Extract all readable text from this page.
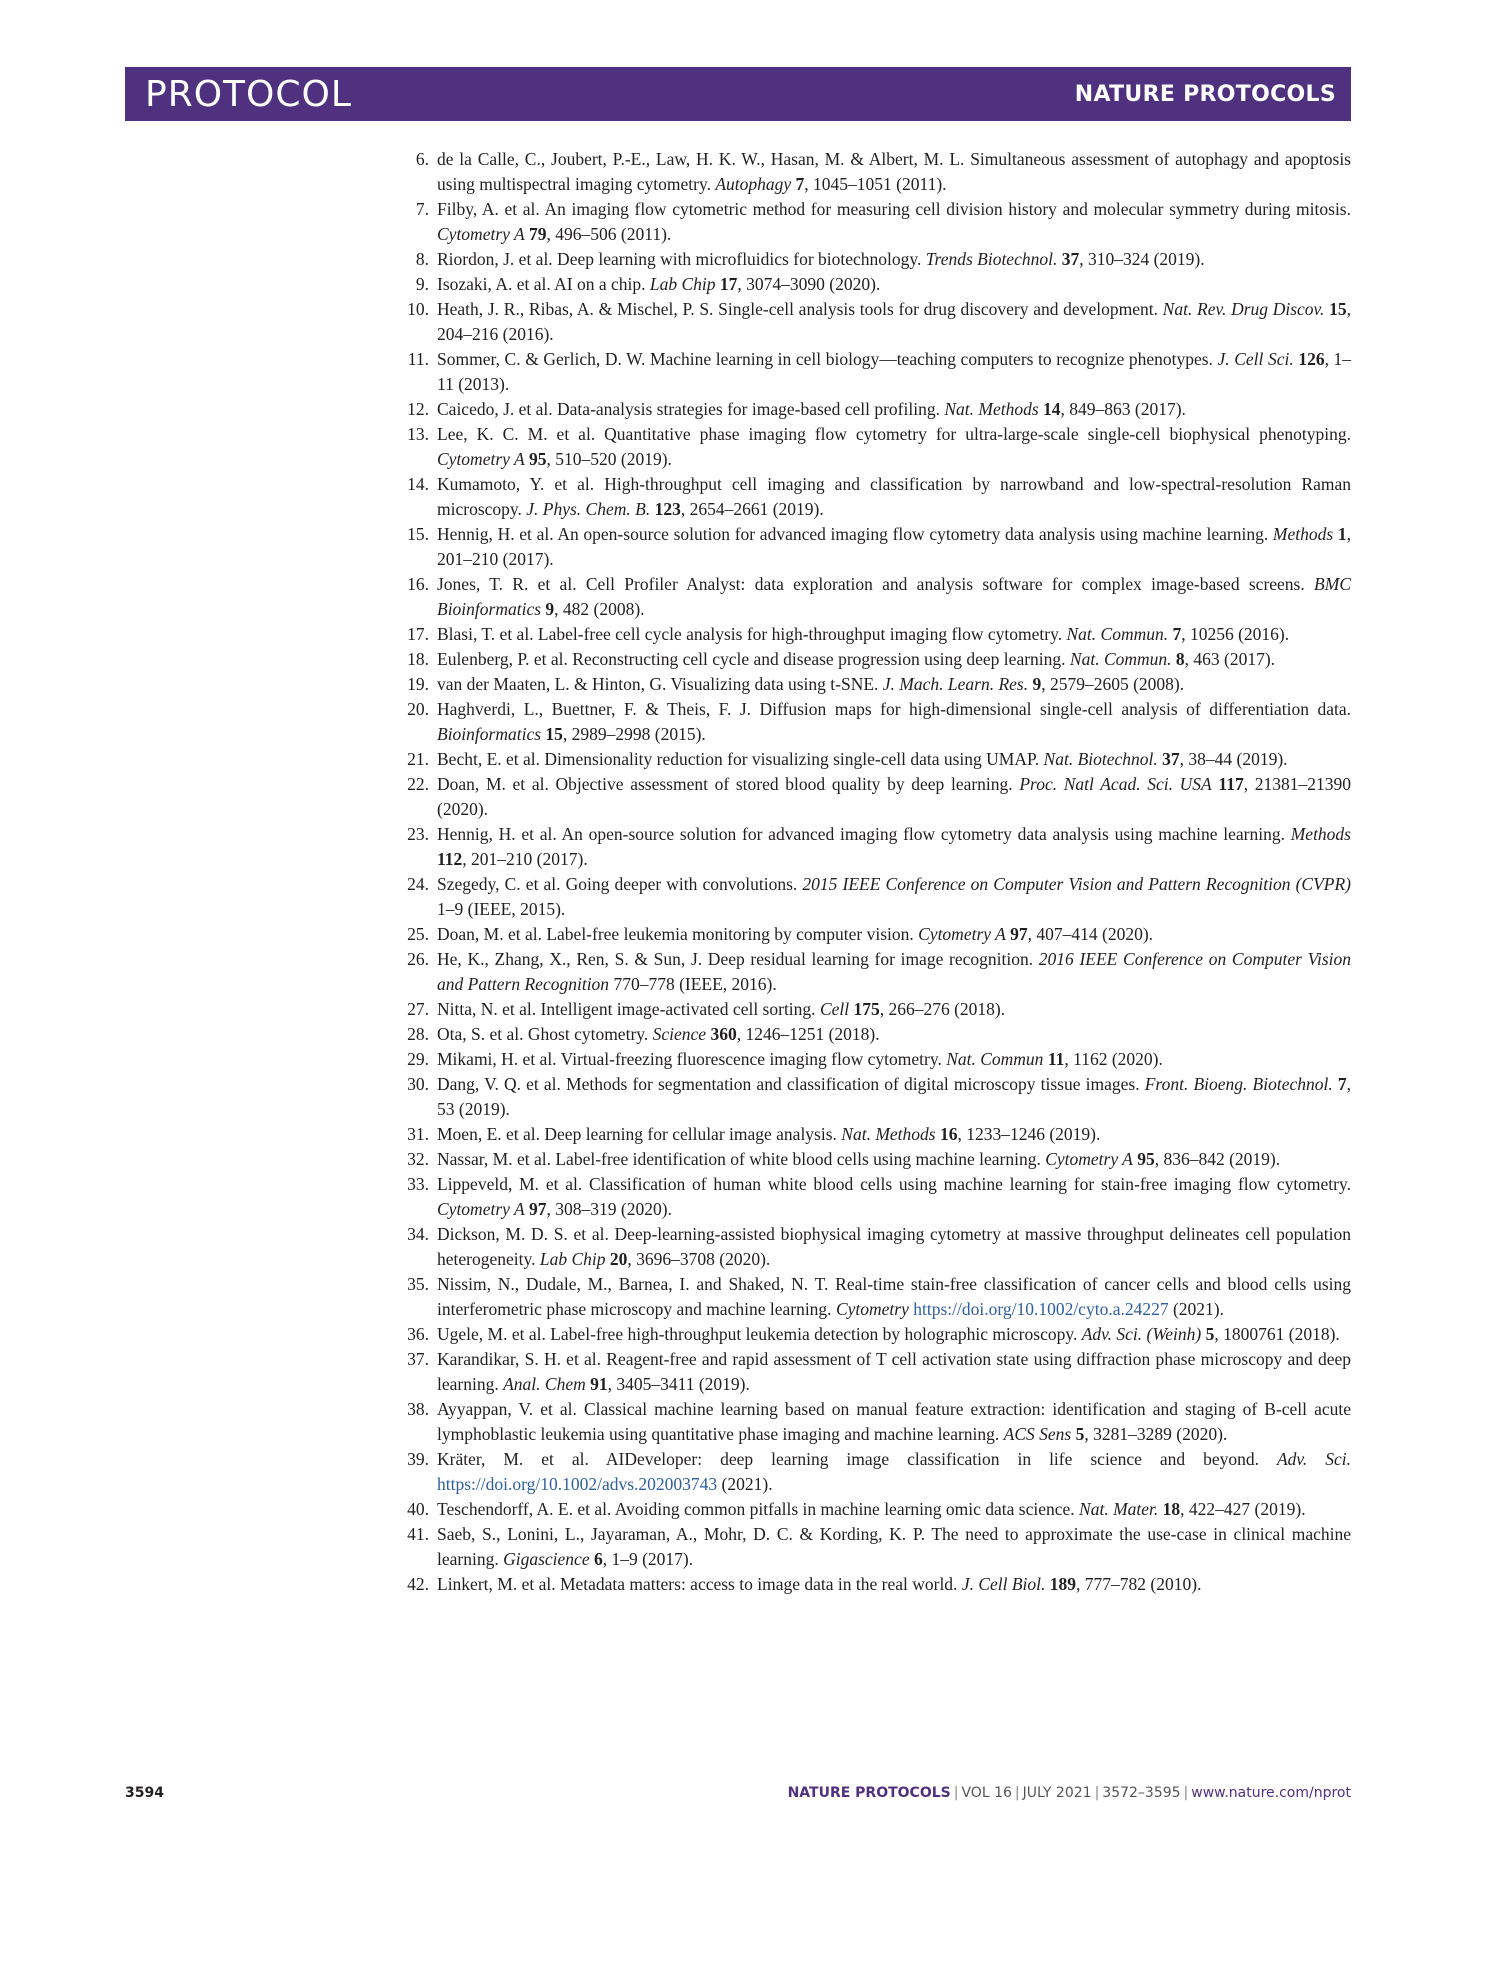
PROTOCOL	NATURE PROTOCOLS
6. de la Calle, C., Joubert, P.-E., Law, H. K. W., Hasan, M. & Albert, M. L. Simultaneous assessment of autophagy and apoptosis using multispectral imaging cytometry. Autophagy 7, 1045–1051 (2011).
7. Filby, A. et al. An imaging flow cytometric method for measuring cell division history and molecular symmetry during mitosis. Cytometry A 79, 496–506 (2011).
8. Riordon, J. et al. Deep learning with microfluidics for biotechnology. Trends Biotechnol. 37, 310–324 (2019).
9. Isozaki, A. et al. AI on a chip. Lab Chip 17, 3074–3090 (2020).
10. Heath, J. R., Ribas, A. & Mischel, P. S. Single-cell analysis tools for drug discovery and development. Nat. Rev. Drug Discov. 15, 204–216 (2016).
11. Sommer, C. & Gerlich, D. W. Machine learning in cell biology—teaching computers to recognize phenotypes. J. Cell Sci. 126, 1–11 (2013).
12. Caicedo, J. et al. Data-analysis strategies for image-based cell profiling. Nat. Methods 14, 849–863 (2017).
13. Lee, K. C. M. et al. Quantitative phase imaging flow cytometry for ultra-large-scale single-cell biophysical phenotyping. Cytometry A 95, 510–520 (2019).
14. Kumamoto, Y. et al. High-throughput cell imaging and classification by narrowband and low-spectral-resolution Raman microscopy. J. Phys. Chem. B. 123, 2654–2661 (2019).
15. Hennig, H. et al. An open-source solution for advanced imaging flow cytometry data analysis using machine learning. Methods 1, 201–210 (2017).
16. Jones, T. R. et al. Cell Profiler Analyst: data exploration and analysis software for complex image-based screens. BMC Bioinformatics 9, 482 (2008).
17. Blasi, T. et al. Label-free cell cycle analysis for high-throughput imaging flow cytometry. Nat. Commun. 7, 10256 (2016).
18. Eulenberg, P. et al. Reconstructing cell cycle and disease progression using deep learning. Nat. Commun. 8, 463 (2017).
19. van der Maaten, L. & Hinton, G. Visualizing data using t-SNE. J. Mach. Learn. Res. 9, 2579–2605 (2008).
20. Haghverdi, L., Buettner, F. & Theis, F. J. Diffusion maps for high-dimensional single-cell analysis of differentiation data. Bioinformatics 15, 2989–2998 (2015).
21. Becht, E. et al. Dimensionality reduction for visualizing single-cell data using UMAP. Nat. Biotechnol. 37, 38–44 (2019).
22. Doan, M. et al. Objective assessment of stored blood quality by deep learning. Proc. Natl Acad. Sci. USA 117, 21381–21390 (2020).
23. Hennig, H. et al. An open-source solution for advanced imaging flow cytometry data analysis using machine learning. Methods 112, 201–210 (2017).
24. Szegedy, C. et al. Going deeper with convolutions. 2015 IEEE Conference on Computer Vision and Pattern Recognition (CVPR) 1–9 (IEEE, 2015).
25. Doan, M. et al. Label-free leukemia monitoring by computer vision. Cytometry A 97, 407–414 (2020).
26. He, K., Zhang, X., Ren, S. & Sun, J. Deep residual learning for image recognition. 2016 IEEE Conference on Computer Vision and Pattern Recognition 770–778 (IEEE, 2016).
27. Nitta, N. et al. Intelligent image-activated cell sorting. Cell 175, 266–276 (2018).
28. Ota, S. et al. Ghost cytometry. Science 360, 1246–1251 (2018).
29. Mikami, H. et al. Virtual-freezing fluorescence imaging flow cytometry. Nat. Commun 11, 1162 (2020).
30. Dang, V. Q. et al. Methods for segmentation and classification of digital microscopy tissue images. Front. Bioeng. Biotechnol. 7, 53 (2019).
31. Moen, E. et al. Deep learning for cellular image analysis. Nat. Methods 16, 1233–1246 (2019).
32. Nassar, M. et al. Label-free identification of white blood cells using machine learning. Cytometry A 95, 836–842 (2019).
33. Lippeveld, M. et al. Classification of human white blood cells using machine learning for stain-free imaging flow cytometry. Cytometry A 97, 308–319 (2020).
34. Dickson, M. D. S. et al. Deep-learning-assisted biophysical imaging cytometry at massive throughput delineates cell population heterogeneity. Lab Chip 20, 3696–3708 (2020).
35. Nissim, N., Dudale, M., Barnea, I. and Shaked, N. T. Real-time stain-free classification of cancer cells and blood cells using interferometric phase microscopy and machine learning. Cytometry https://doi.org/10.1002/cyto.a.24227 (2021).
36. Ugele, M. et al. Label-free high-throughput leukemia detection by holographic microscopy. Adv. Sci. (Weinh) 5, 1800761 (2018).
37. Karandikar, S. H. et al. Reagent-free and rapid assessment of T cell activation state using diffraction phase microscopy and deep learning. Anal. Chem 91, 3405–3411 (2019).
38. Ayyappan, V. et al. Classical machine learning based on manual feature extraction: identification and staging of B-cell acute lymphoblastic leukemia using quantitative phase imaging and machine learning. ACS Sens 5, 3281–3289 (2020).
39. Kräter, M. et al. AIDeveloper: deep learning image classification in life science and beyond. Adv. Sci. https://doi.org/10.1002/advs.202003743 (2021).
40. Teschendorff, A. E. et al. Avoiding common pitfalls in machine learning omic data science. Nat. Mater. 18, 422–427 (2019).
41. Saeb, S., Lonini, L., Jayaraman, A., Mohr, D. C. & Kording, K. P. The need to approximate the use-case in clinical machine learning. Gigascience 6, 1–9 (2017).
42. Linkert, M. et al. Metadata matters: access to image data in the real world. J. Cell Biol. 189, 777–782 (2010).
3594	NATURE PROTOCOLS | VOL 16 | JULY 2021 | 3572–3595 | www.nature.com/nprot
